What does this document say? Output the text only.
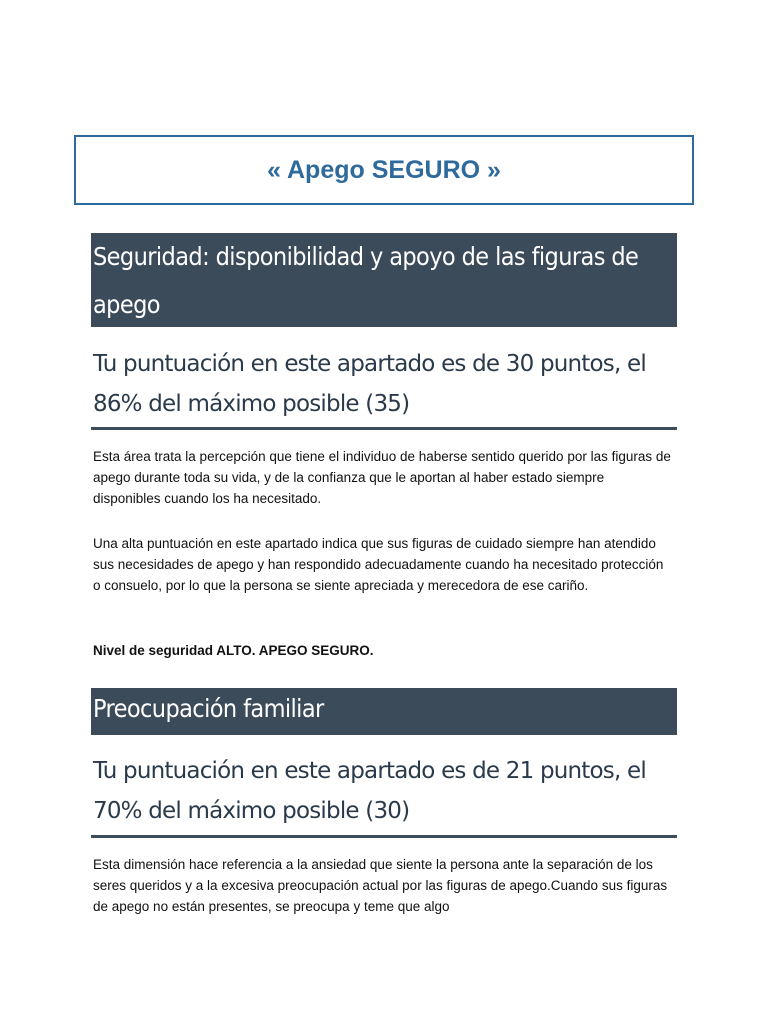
« Apego SEGURO »
Seguridad: disponibilidad y apoyo de las figuras de apego
Tu puntuación en este apartado es de 30 puntos, el 86% del máximo posible (35)

Esta área trata la percepción que tiene el individuo de haberse sentido querido por las figuras de apego durante toda su vida, y de la confianza que le aportan al haber estado siempre disponibles cuando los ha necesitado.

Una alta puntuación en este apartado indica que sus figuras de cuidado siempre han atendido sus necesidades de apego y han respondido adecuadamente cuando ha necesitado protección o consuelo, por lo que la persona se siente apreciada y merecedora de ese cariño.

Nivel de seguridad ALTO. APEGO SEGURO.

Preocupación familiar
Tu puntuación en este apartado es de 21 puntos, el 70% del máximo posible (30)

Esta dimensión hace referencia a la ansiedad que siente la persona ante la separación de los seres queridos y a la excesiva preocupación actual por las figuras de apego.Cuando sus figuras de apego no están presentes, se preocupa y teme que algo
